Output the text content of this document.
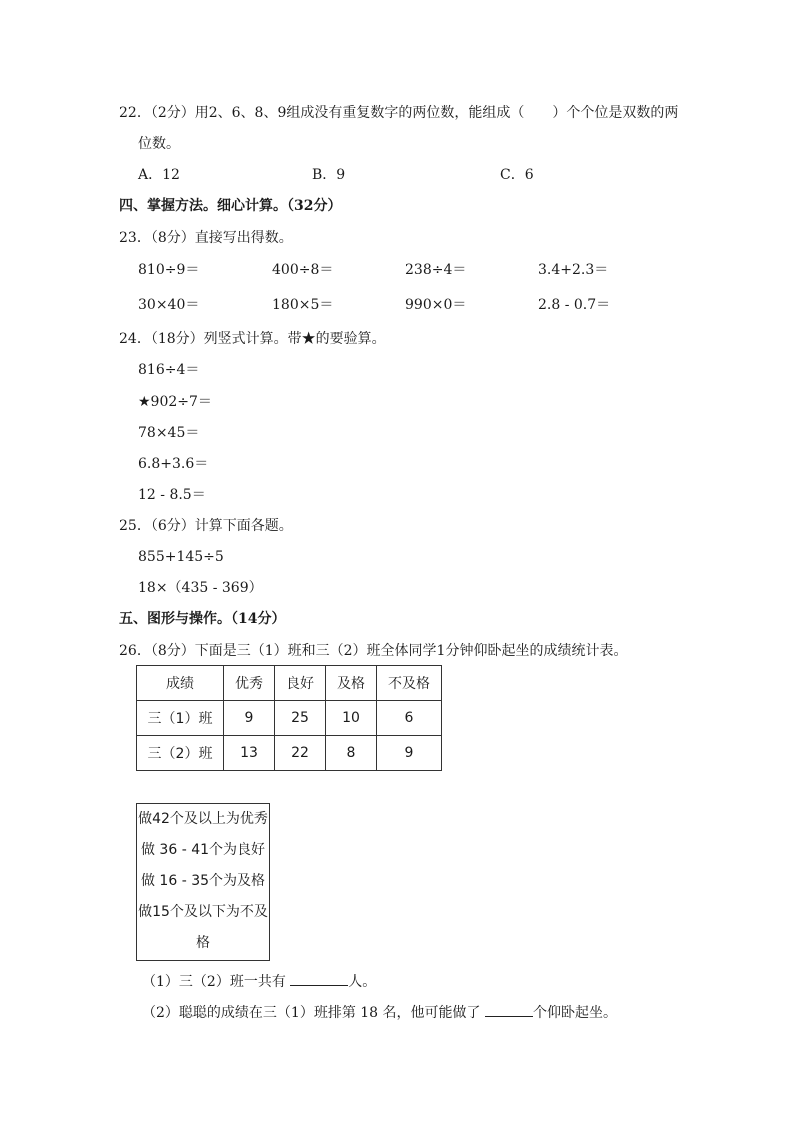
22．（2分）用2、6、8、9组成没有重复数字的两位数，能组成（　　）个个位是双数的两
位数。
A．12	B．9	C．6
四、掌握方法。细心计算。（32分）
23．（8分）直接写出得数。
810÷9＝	400÷8＝	238÷4＝	3.4+2.3＝
30×40＝	180×5＝	990×0＝	2.8 - 0.7＝
24．（18分）列竖式计算。带★的要验算。
816÷4＝
★902÷7＝
78×45＝
6.8+3.6＝
12 - 8.5＝
25．（6分）计算下面各题。
855+145÷5
18×（435 - 369）
五、图形与操作。（14分）
26．（8分）下面是三（1）班和三（2）班全体同学1分钟仰卧起坐的成绩统计表。
成绩	优秀	良好	及格	不及格
三（1）班	9	25	10	6
三（2）班	13	22	8	9
做42个及以上为优秀
做 36 - 41个为良好
做 16 - 35个为及格
做15个及以下为不及
格
（1）三（2）班一共有	人。
（2）聪聪的成绩在三（1）班排第 18 名，他可能做了	个仰卧起坐。
